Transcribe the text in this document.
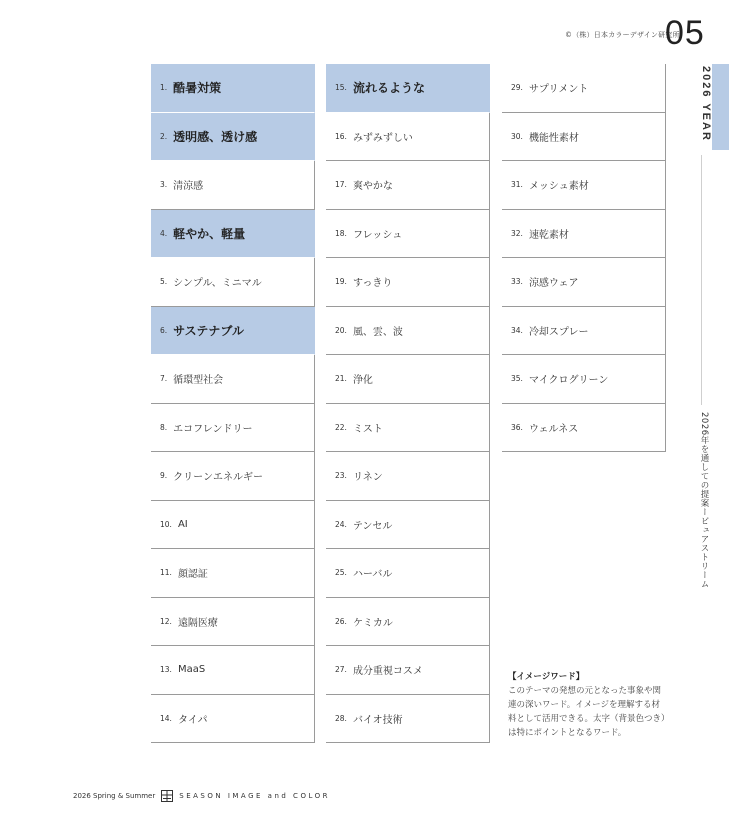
©（株）日本カラーデザイン研究所
05
1. 酷暑対策
2. 透明感、透け感
3. 清涼感
4. 軽やか、軽量
5. シンプル、ミニマル
6. サステナブル
7. 循環型社会
8. エコフレンドリー
9. クリーンエネルギー
10. AI
11. 顔認証
12. 遠隔医療
13. MaaS
14. タイパ
15. 流れるような
16. みずみずしい
17. 爽やかな
18. フレッシュ
19. すっきり
20. 風、雲、波
21. 浄化
22. ミスト
23. リネン
24. テンセル
25. ハーバル
26. ケミカル
27. 成分重視コスメ
28. バイオ技術
29. サプリメント
30. 機能性素材
31. メッシュ素材
32. 速乾素材
33. 涼感ウェア
34. 冷却スプレー
35. マイクログリーン
36. ウェルネス
2026 YEAR
2026年を通しての提案ービュアストリーム
【イメージワード】
このテーマの発想の元となった事象や関連の深いワード。イメージを理解する材料として活用できる。太字（背景色つき）は特にポイントとなるワード。
2026 Spring & Summer	SEASON IMAGE and COLOR
